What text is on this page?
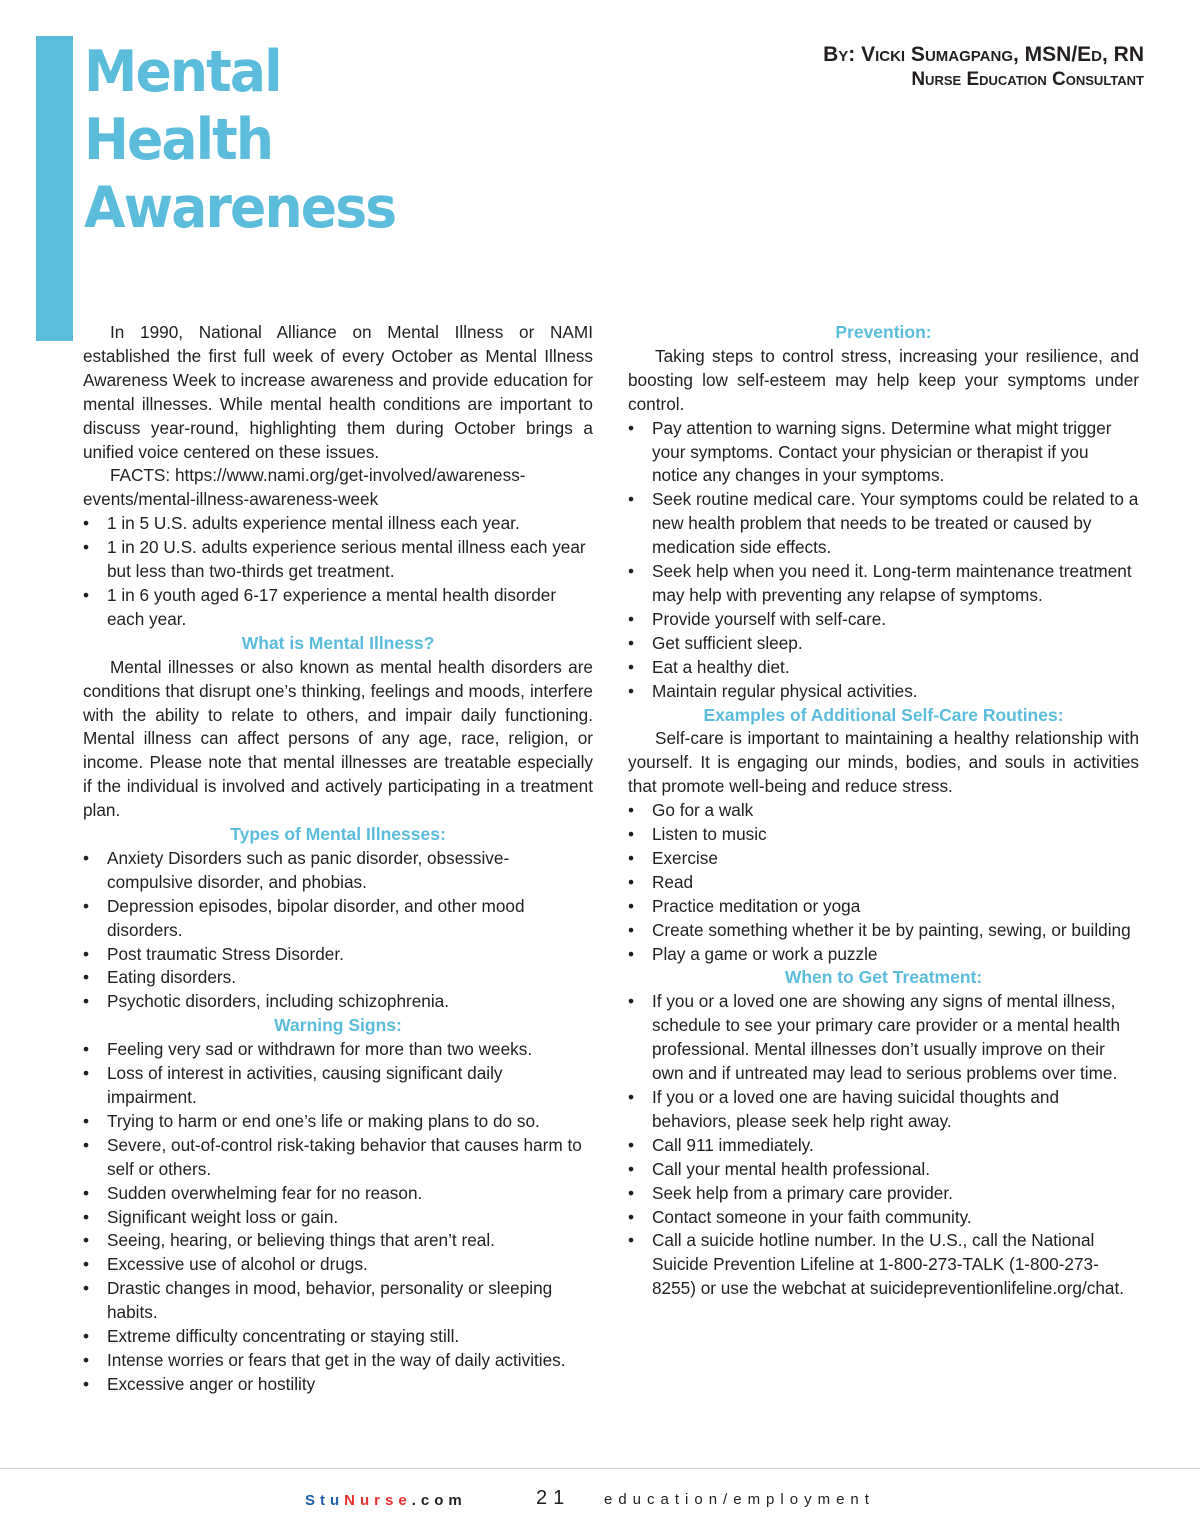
Mental
Health
Awareness
By: Vicki Sumagpang, MSN/Ed, RN
Nurse Education Consultant

In 1990, National Alliance on Mental Illness or NAMI established the first full week of every October as Mental Illness Awareness Week to increase awareness and provide education for mental illnesses. While mental health conditions are important to discuss year-round, highlighting them during October brings a unified voice centered on these issues.

FACTS: https://www.nami.org/get-involved/awareness-events/mental-illness-awareness-week

• 1 in 5 U.S. adults experience mental illness each year.
• 1 in 20 U.S. adults experience serious mental illness each year but less than two-thirds get treatment.
• 1 in 6 youth aged 6-17 experience a mental health disorder each year.

What is Mental Illness?

Mental illnesses or also known as mental health disorders are conditions that disrupt one’s thinking, feelings and moods, interfere with the ability to relate to others, and impair daily functioning. Mental illness can affect persons of any age, race, religion, or income. Please note that mental illnesses are treatable especially if the individual is involved and actively participating in a treatment plan.

Types of Mental Illnesses:

• Anxiety Disorders such as panic disorder, obsessive-compulsive disorder, and phobias.
• Depression episodes, bipolar disorder, and other mood disorders.
• Post traumatic Stress Disorder.
• Eating disorders.
• Psychotic disorders, including schizophrenia.

Warning Signs:

• Feeling very sad or withdrawn for more than two weeks.
• Loss of interest in activities, causing significant daily impairment.
• Trying to harm or end one’s life or making plans to do so.
• Severe, out-of-control risk-taking behavior that causes harm to self or others.
• Sudden overwhelming fear for no reason.
• Significant weight loss or gain.
• Seeing, hearing, or believing things that aren’t real.
• Excessive use of alcohol or drugs.
• Drastic changes in mood, behavior, personality or sleeping habits.
• Extreme difficulty concentrating or staying still.
• Intense worries or fears that get in the way of daily activities.
• Excessive anger or hostility

Prevention:

Taking steps to control stress, increasing your resilience, and boosting low self-esteem may help keep your symptoms under control.

• Pay attention to warning signs. Determine what might trigger your symptoms. Contact your physician or therapist if you notice any changes in your symptoms.
• Seek routine medical care. Your symptoms could be related to a new health problem that needs to be treated or caused by medication side effects.
• Seek help when you need it. Long-term maintenance treatment may help with preventing any relapse of symptoms.
• Provide yourself with self-care.
• Get sufficient sleep.
• Eat a healthy diet.
• Maintain regular physical activities.

Examples of Additional Self-Care Routines:

Self-care is important to maintaining a healthy relationship with yourself. It is engaging our minds, bodies, and souls in activities that promote well-being and reduce stress.

• Go for a walk
• Listen to music
• Exercise
• Read
• Practice meditation or yoga
• Create something whether it be by painting, sewing, or building
• Play a game or work a puzzle

When to Get Treatment:

• If you or a loved one are showing any signs of mental illness, schedule to see your primary care provider or a mental health professional. Mental illnesses don’t usually improve on their own and if untreated may lead to serious problems over time.
• If you or a loved one are having suicidal thoughts and behaviors, please seek help right away.
• Call 911 immediately.
• Call your mental health professional.
• Seek help from a primary care provider.
• Contact someone in your faith community.
• Call a suicide hotline number. In the U.S., call the National Suicide Prevention Lifeline at 1-800-273-TALK (1-800-273-8255) or use the webchat at suicidepreventionlifeline.org/chat.
StuNurse.com	21 education/employment
